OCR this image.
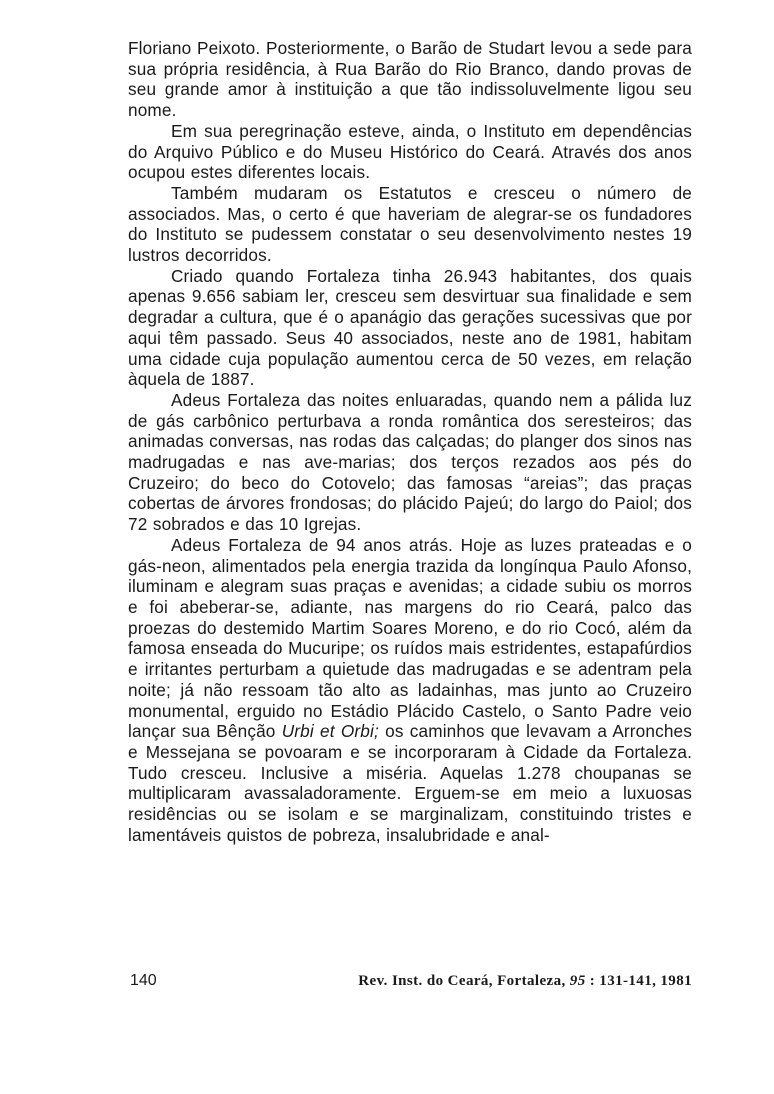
Floriano Peixoto. Posteriormente, o Barão de Studart levou a sede para sua própria residência, à Rua Barão do Rio Branco, dando provas de seu grande amor à instituição a que tão indissoluvelmente ligou seu nome.

Em sua peregrinação esteve, ainda, o Instituto em dependências do Arquivo Público e do Museu Histórico do Ceará. Através dos anos ocupou estes diferentes locais.

Também mudaram os Estatutos e cresceu o número de associados. Mas, o certo é que haveriam de alegrar-se os fundadores do Instituto se pudessem constatar o seu desenvolvimento nestes 19 lustros decorridos.

Criado quando Fortaleza tinha 26.943 habitantes, dos quais apenas 9.656 sabiam ler, cresceu sem desvirtuar sua finalidade e sem degradar a cultura, que é o apanágio das gerações sucessivas que por aqui têm passado. Seus 40 associados, neste ano de 1981, habitam uma cidade cuja população aumentou cerca de 50 vezes, em relação àquela de 1887.

Adeus Fortaleza das noites enluaradas, quando nem a pálida luz de gás carbônico perturbava a ronda romântica dos seresteiros; das animadas conversas, nas rodas das calçadas; do planger dos sinos nas madrugadas e nas ave-marias; dos terços rezados aos pés do Cruzeiro; do beco do Cotovelo; das famosas “areias”; das praças cobertas de árvores frondosas; do plácido Pajeú; do largo do Paiol; dos 72 sobrados e das 10 Igrejas.

Adeus Fortaleza de 94 anos atrás. Hoje as luzes prateadas e o gás-neon, alimentados pela energia trazida da longínqua Paulo Afonso, iluminam e alegram suas praças e avenidas; a cidade subiu os morros e foi abeberar-se, adiante, nas margens do rio Ceará, palco das proezas do destemido Martim Soares Moreno, e do rio Cocó, além da famosa enseada do Mucuripe; os ruídos mais estridentes, estapafúrdios e irritantes perturbam a quietude das madrugadas e se adentram pela noite; já não ressoam tão alto as ladainhas, mas junto ao Cruzeiro monumental, erguido no Estádio Plácido Castelo, o Santo Padre veio lançar sua Bênção Urbi et Orbi; os caminhos que levavam a Arronches e Messejana se povoaram e se incorporaram à Cidade da Fortaleza. Tudo cresceu. Inclusive a miséria. Aquelas 1.278 choupanas se multiplicaram avassaladoramente. Erguem-se em meio a luxuosas residências ou se isolam e se marginalizam, constituindo tristes e lamentáveis quistos de pobreza, insalubridade e anal-

140	Rev. Inst. do Ceará, Fortaleza, 95 : 131-141, 1981
